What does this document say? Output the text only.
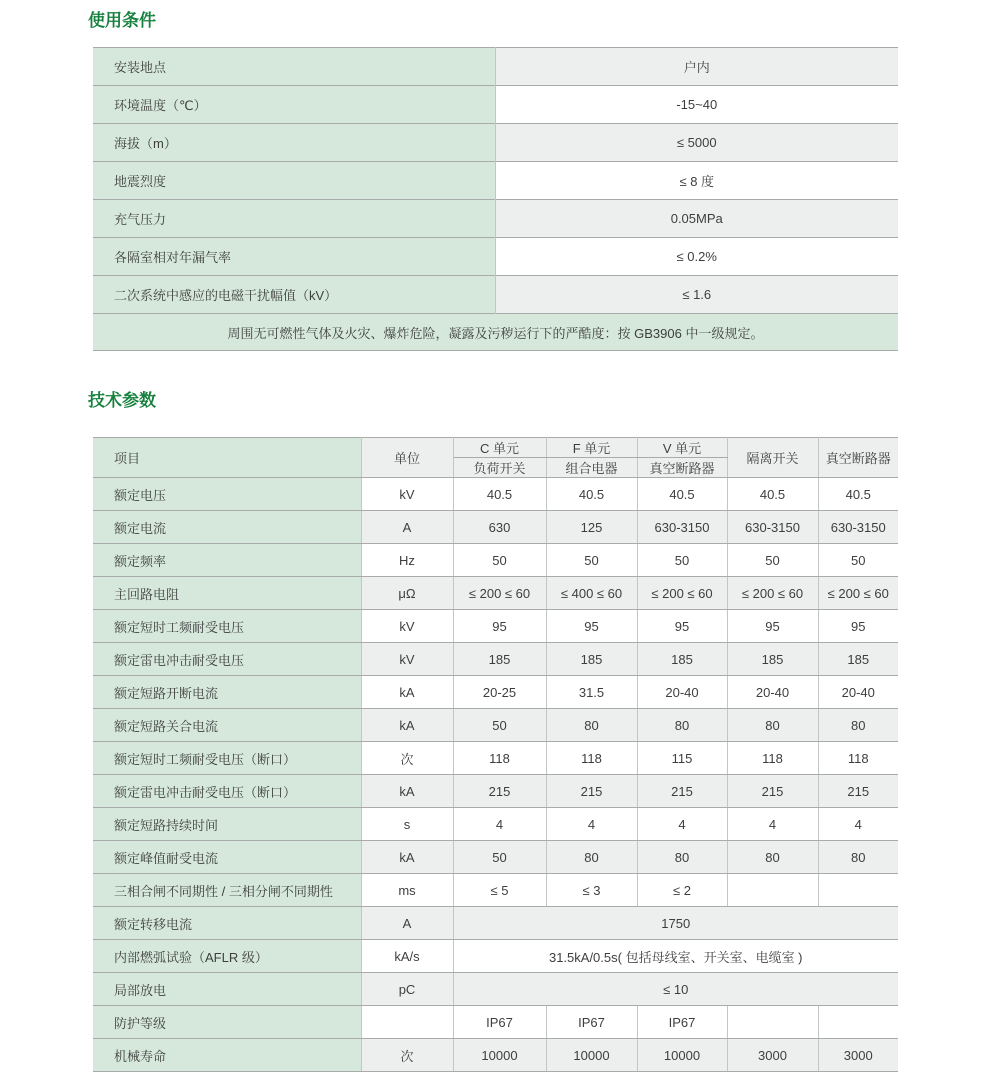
使用条件
安装地点	户内
环境温度（℃）	-15~40
海拔（m）	≤ 5000
地震烈度	≤ 8 度
充气压力	0.05MPa
各隔室相对年漏气率	≤ 0.2%
二次系统中感应的电磁干扰幅值（kV）	≤ 1.6
周围无可燃性气体及火灾、爆炸危险，凝露及污秽运行下的严酷度：按 GB3906 中一级规定。	
技术参数
项目	单位	C 单元	F 单元	V 单元	隔离开关	真空断路器
		负荷开关	组合电器	真空断路器		
额定电压	kV	40.5	40.5	40.5	40.5	40.5
额定电流	A	630	125	630-3150	630-3150	630-3150
额定频率	Hz	50	50	50	50	50
主回路电阻	μΩ	≤ 200 ≤ 60	≤ 400 ≤ 60	≤ 200 ≤ 60	≤ 200 ≤ 60	≤ 200 ≤ 60
额定短时工频耐受电压	kV	95	95	95	95	95
额定雷电冲击耐受电压	kV	185	185	185	185	185
额定短路开断电流	kA	20-25	31.5	20-40	20-40	20-40
额定短路关合电流	kA	50	80	80	80	80
额定短时工频耐受电压（断口）	次	118	118	115	118	118
额定雷电冲击耐受电压（断口）	kA	215	215	215	215	215
额定短路持续时间	s	4	4	4	4	4
额定峰值耐受电流	kA	50	80	80	80	80
三相合闸不同期性 / 三相分闸不同期性	ms	≤ 5	≤ 3	≤ 2		
额定转移电流	A	1750				
内部燃弧试验（AFLR 级）	kA/s	31.5kA/0.5s( 包括母线室、开关室、电缆室 )				
局部放电	pC	≤ 10				
防护等级		IP67	IP67	IP67		
机械寿命	次	10000	10000	10000	3000	3000
